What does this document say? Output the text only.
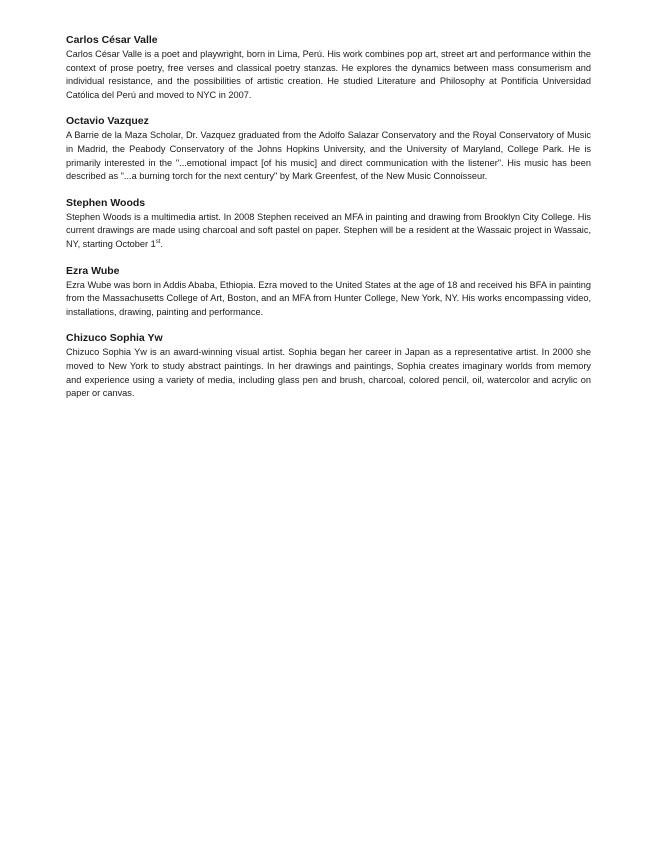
Carlos César Valle

Carlos César Valle is a poet and playwright, born in Lima, Perú. His work combines pop art, street art and performance within the context of prose poetry, free verses and classical poetry stanzas. He explores the dynamics between mass consumerism and individual resistance, and the possibilities of artistic creation. He studied Literature and Philosophy at Pontificia Universidad Católica del Perú and moved to NYC in 2007.

Octavio Vazquez

A Barrie de la Maza Scholar, Dr. Vazquez graduated from the Adolfo Salazar Conservatory and the Royal Conservatory of Music in Madrid, the Peabody Conservatory of the Johns Hopkins University, and the University of Maryland, College Park. He is primarily interested in the "...emotional impact [of his music] and direct communication with the listener". His music has been described as "...a burning torch for the next century" by Mark Greenfest, of the New Music Connoisseur.

Stephen Woods

Stephen Woods is a multimedia artist. In 2008 Stephen received an MFA in painting and drawing from Brooklyn City College. His current drawings are made using charcoal and soft pastel on paper. Stephen will be a resident at the Wassaic project in Wassaic, NY, starting October 1st.

Ezra Wube

Ezra Wube was born in Addis Ababa, Ethiopia. Ezra moved to the United States at the age of 18 and received his BFA in painting from the Massachusetts College of Art, Boston, and an MFA from Hunter College, New York, NY. His works encompassing video, installations, drawing, painting and performance.

Chizuco Sophia Yw

Chizuco Sophia Yw is an award-winning visual artist. Sophia began her career in Japan as a representative artist. In 2000 she moved to New York to study abstract paintings. In her drawings and paintings, Sophia creates imaginary worlds from memory and experience using a variety of media, including glass pen and brush, charcoal, colored pencil, oil, watercolor and acrylic on paper or canvas.
